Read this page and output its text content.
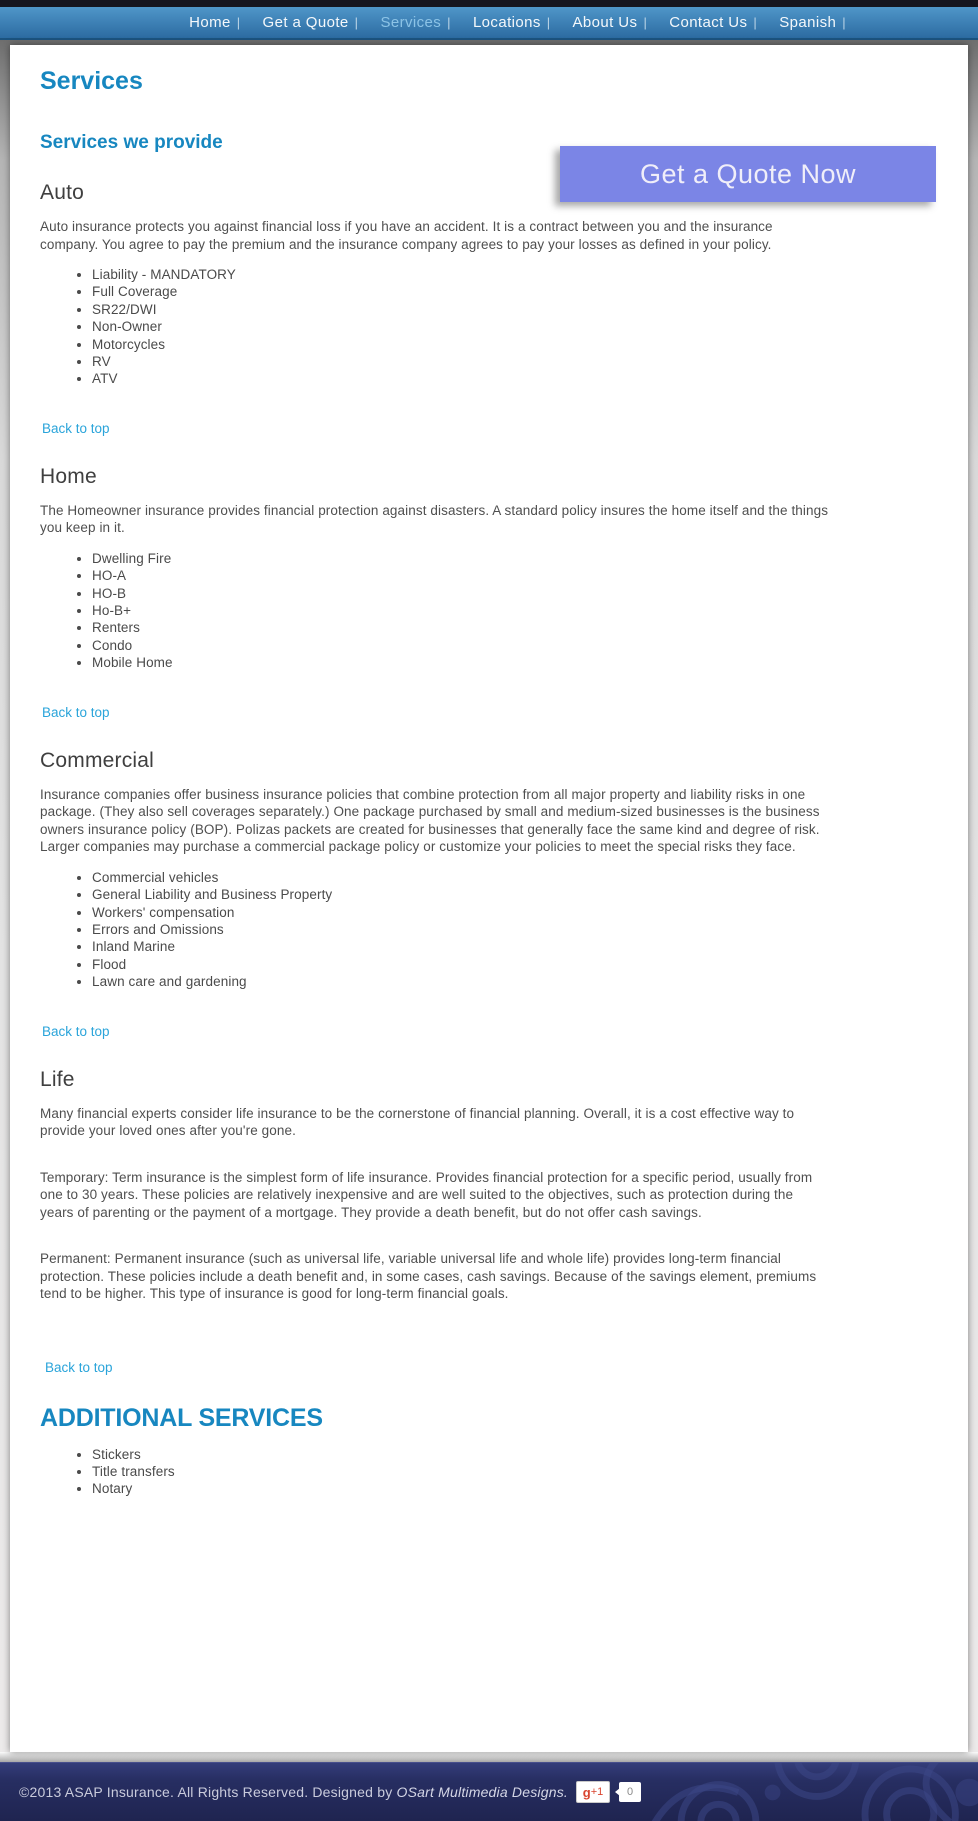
Home |	Get a Quote |	Services |	Locations |	About Us |	Contact Us |	Spanish |
Services
Services we provide
Get a Quote Now
Auto

Auto insurance protects you against financial loss if you have an accident. It is a contract between you and the insurance company. You agree to pay the premium and the insurance company agrees to pay your losses as defined in your policy.

• Liability - MANDATORY
• Full Coverage
• SR22/DWI
• Non-Owner
• Motorcycles
• RV
• ATV

Back to top
Home

The Homeowner insurance provides financial protection against disasters. A standard policy insures the home itself and the things you keep in it.

• Dwelling Fire
• HO-A
• HO-B
• Ho-B+
• Renters
• Condo
• Mobile Home

Back to top
Commercial

Insurance companies offer business insurance policies that combine protection from all major property and liability risks in one package. (They also sell coverages separately.) One package purchased by small and medium-sized businesses is the business owners insurance policy (BOP). Polizas packets are created for businesses that generally face the same kind and degree of risk. Larger companies may purchase a commercial package policy or customize your policies to meet the special risks they face.

• Commercial vehicles
• General Liability and Business Property
• Workers' compensation
• Errors and Omissions
• Inland Marine
• Flood
• Lawn care and gardening

Back to top
Life

Many financial experts consider life insurance to be the cornerstone of financial planning. Overall, it is a cost effective way to provide your loved ones after you're gone.

Temporary: Term insurance is the simplest form of life insurance. Provides financial protection for a specific period, usually from one to 30 years. These policies are relatively inexpensive and are well suited to the objectives, such as protection during the years of parenting or the payment of a mortgage. They provide a death benefit, but do not offer cash savings.

Permanent: Permanent insurance (such as universal life, variable universal life and whole life) provides long-term financial protection. These policies include a death benefit and, in some cases, cash savings. Because of the savings element, premiums tend to be higher. This type of insurance is good for long-term financial goals.

Back to top
ADDITIONAL SERVICES
• Stickers
• Title transfers
• Notary
©2013 ASAP Insurance. All Rights Reserved. Designed by OSart Multimedia Designs. g +1	0
